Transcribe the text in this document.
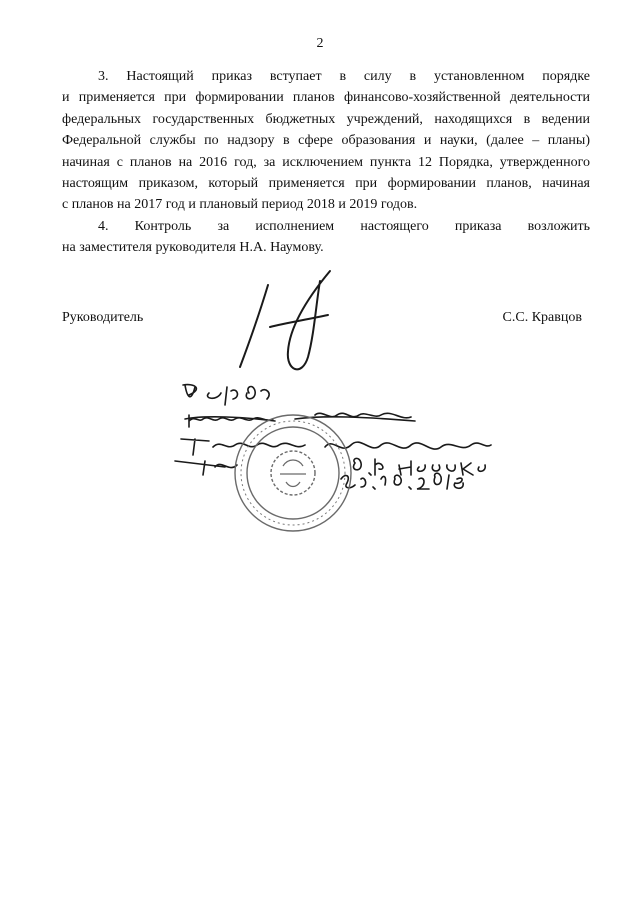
2

3. Настоящий приказ вступает в силу в установленном порядке
и применяется при формировании планов финансово-хозяйственной деятельности
федеральных государственных бюджетных учреждений, находящихся в ведении
Федеральной службы по надзору в сфере образования и науки, (далее – планы)
начиная с планов на 2016 год, за исключением пункта 12 Порядка, утвержденного
настоящим приказом, который применяется при формировании планов, начиная
с планов на 2017 год и плановый период 2018 и 2019 годов.

4. Контроль за исполнением настоящего приказа возложить
на заместителя руководителя Н.А. Наумову.

Руководитель	С.С. Кравцов
